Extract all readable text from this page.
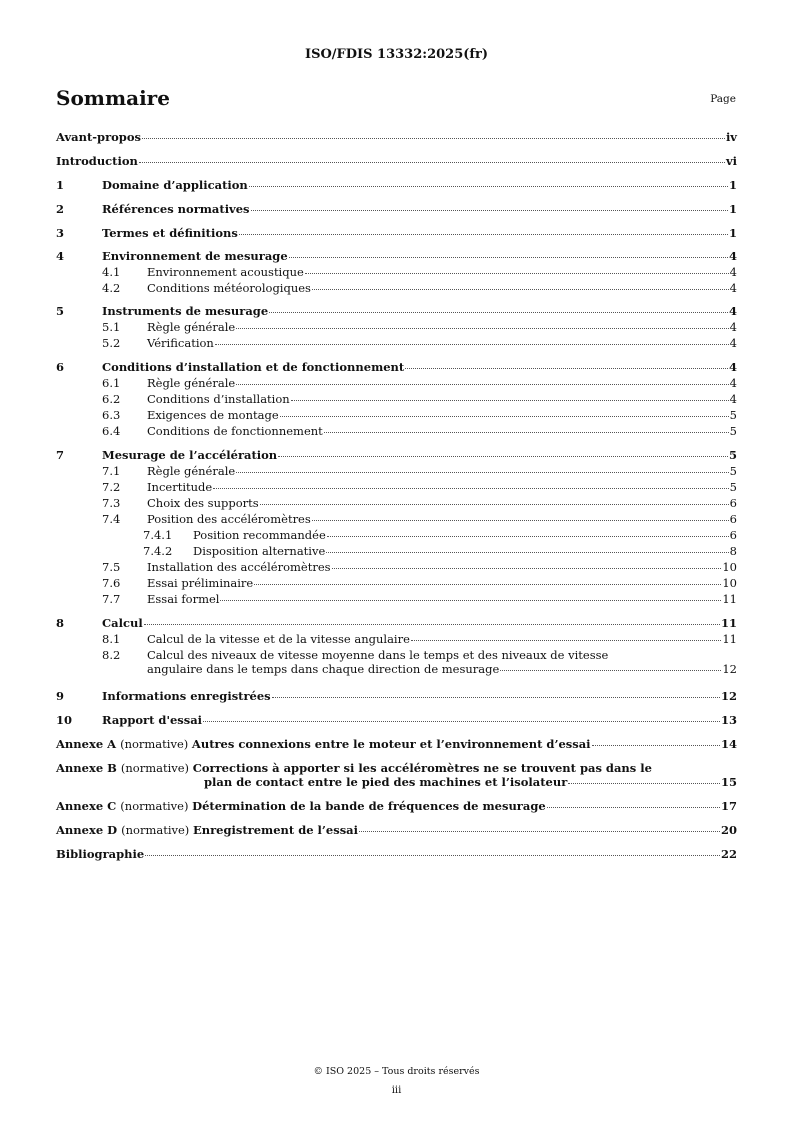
ISO/FDIS 13332:2025(fr)
Sommaire	Page
Avant-propos	iv
Introduction	vi
1	Domaine d’application	1
2	Références normatives	1
3	Termes et définitions	1
4	Environnement de mesurage	4
4.1 Environnement acoustique	4
4.2 Conditions météorologiques	4
5	Instruments de mesurage	4
5.1 Règle générale	4
5.2 Vérification	4
6	Conditions d’installation et de fonctionnement	4
6.1 Règle générale	4
6.2 Conditions d’installation	4
6.3 Exigences de montage	5
6.4 Conditions de fonctionnement	5
7	Mesurage de l’accélération	5
7.1 Règle générale	5
7.2 Incertitude	5
7.3 Choix des supports	6
7.4 Position des accéléromètres	6
7.4.1 Position recommandée	6
7.4.2 Disposition alternative	8
7.5 Installation des accéléromètres	10
7.6 Essai préliminaire	10
7.7 Essai formel	11
8	Calcul	11
8.1 Calcul de la vitesse et de la vitesse angulaire	11
8.2 Calcul des niveaux de vitesse moyenne dans le temps et des niveaux de vitesse
angulaire dans le temps dans chaque direction de mesurage	12
9	Informations enregistrées	12
10	Rapport d'essai	13
Annexe A (normative) Autres connexions entre le moteur et l’environnement d’essai	14
Annexe B (normative) Corrections à apporter si les accéléromètres ne se trouvent pas dans le
plan de contact entre le pied des machines et l’isolateur	15
Annexe C (normative) Détermination de la bande de fréquences de mesurage	17
Annexe D (normative) Enregistrement de l’essai	20
Bibliographie	22
© ISO 2025 – Tous droits réservés
iii
